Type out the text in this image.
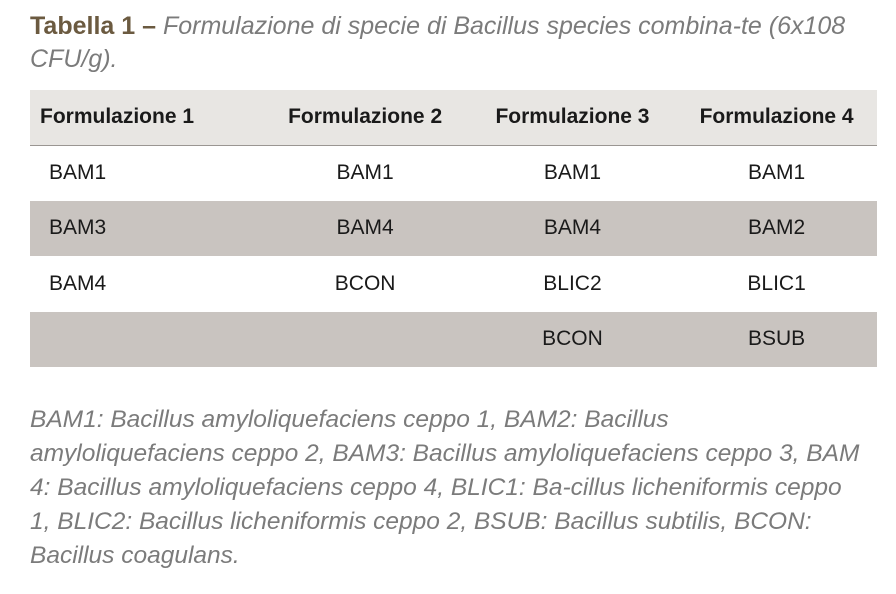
Tabella 1 – Formulazione di specie di Bacillus species combina-te (6x108 CFU/g).
Formulazione 1	Formulazione 2	Formulazione 3	Formulazione 4
BAM1	BAM1	BAM1	BAM1
BAM3	BAM4	BAM4	BAM2
BAM4	BCON	BLIC2	BLIC1
		BCON	BSUB
BAM1: Bacillus amyloliquefaciens ceppo 1, BAM2: Bacillus amyloliquefaciens ceppo 2, BAM3: Bacillus amyloliquefaciens ceppo 3, BAM 4: Bacillus amyloliquefaciens ceppo 4, BLIC1: Ba-cillus licheniformis ceppo 1, BLIC2: Bacillus licheniformis ceppo 2, BSUB: Bacillus subtilis, BCON: Bacillus coagulans.
